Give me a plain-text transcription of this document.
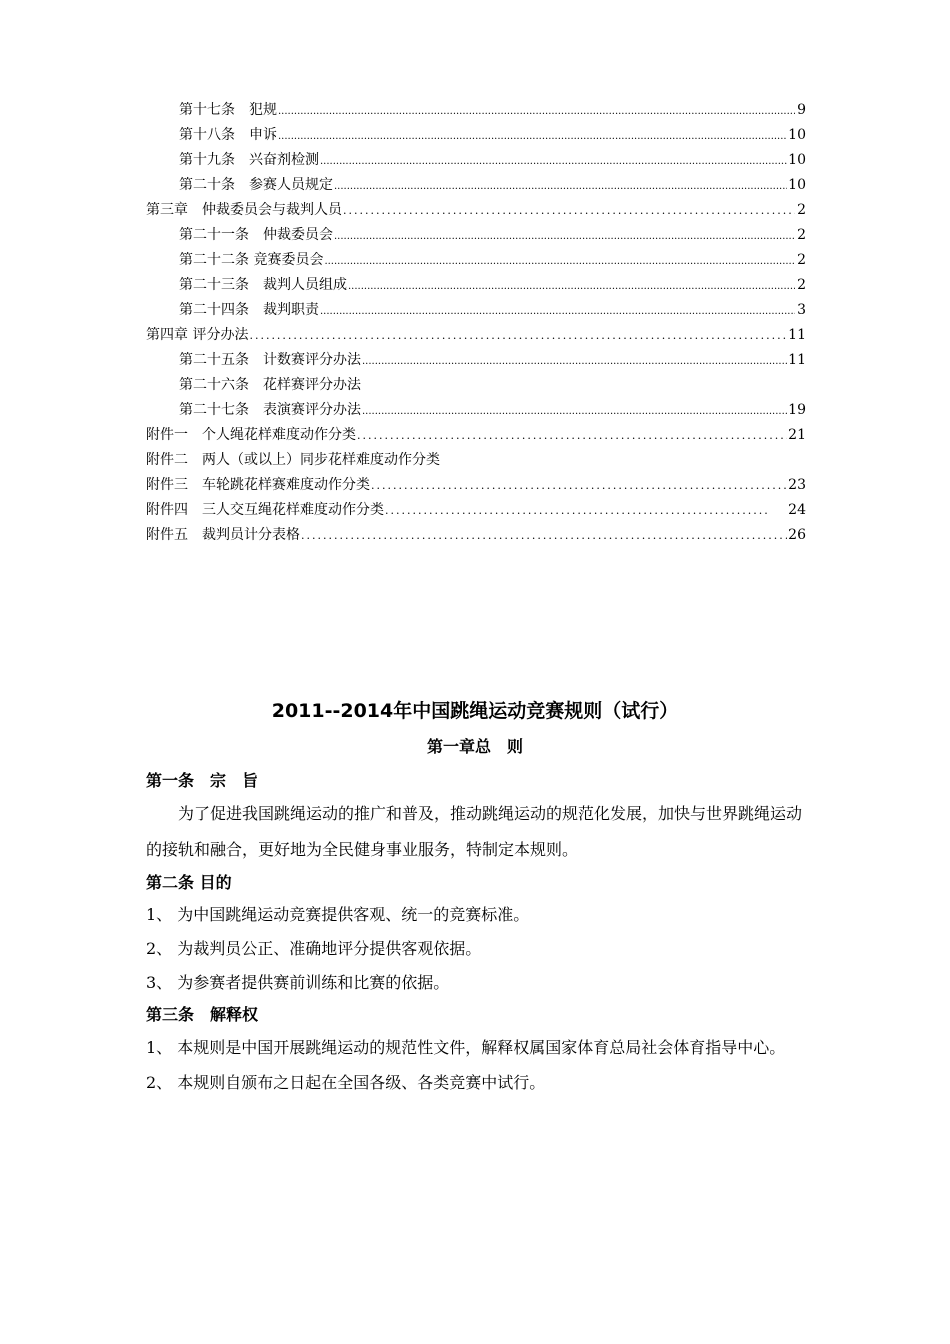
第十七条　犯规 .....	9
第十八条　申诉 .....	10
第十九条　兴奋剂检测 .....	10
第二十条　参赛人员规定 .....	10
第三章　仲裁委员会与裁判人员 .....	2
第二十一条　仲裁委员会 .....	2
第二十二条 竞赛委员会 .....	2
第二十三条　裁判人员组成 .....	2
第二十四条　裁判职责 .....	3
第四章 评分办法 .....	11
第二十五条　计数赛评分办法 .....	11
第二十六条　花样赛评分办法
第二十七条　表演赛评分办法 .....	19
附件一　个人绳花样难度动作分类 .....	21
附件二　两人（或以上）同步花样难度动作分类
附件三　车轮跳花样赛难度动作分类 .....	23
附件四　三人交互绳花样难度动作分类 .....	24
附件五　裁判员计分表格 .....	26
2011--2014年中国跳绳运动竞赛规则（试行）
第一章总　则
第一条　宗　旨
为了促进我国跳绳运动的推广和普及，推动跳绳运动的规范化发展，加快与世界跳绳运动的接轨和融合，更好地为全民健身事业服务，特制定本规则。
第二条 目的
1、 为中国跳绳运动竞赛提供客观、统一的竞赛标准。
2、 为裁判员公正、准确地评分提供客观依据。
3、 为参赛者提供赛前训练和比赛的依据。
第三条　解释权
1、 本规则是中国开展跳绳运动的规范性文件，解释权属国家体育总局社会体育指导中心。
2、 本规则自颁布之日起在全国各级、各类竞赛中试行。
